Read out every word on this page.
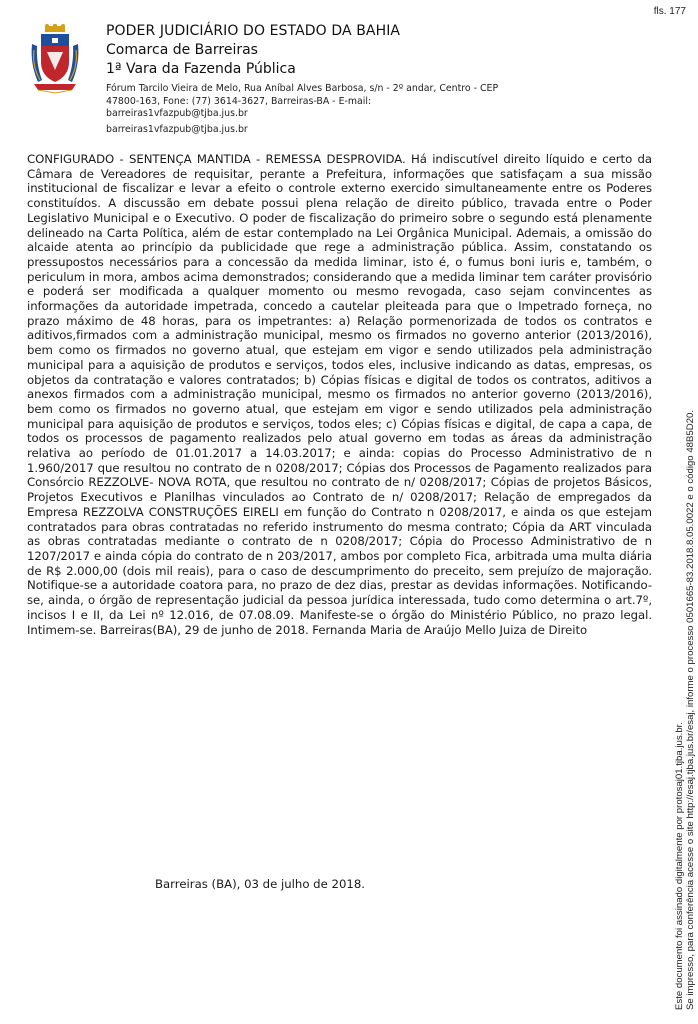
fls. 177
PODER JUDICIÁRIO DO ESTADO DA BAHIA
Comarca de Barreiras
1ª Vara da Fazenda Pública
Fórum Tarcilo Vieira de Melo, Rua Aníbal Alves Barbosa, s/n - 2º andar, Centro - CEP 47800-163, Fone: (77) 3614-3627, Barreiras-BA - E-mail: barreiras1vfazpub@tjba.jus.br
barreiras1vfazpub@tjba.jus.br
CONFIGURADO - SENTENÇA MANTIDA - REMESSA DESPROVIDA. Há indiscutível direito líquido e certo da Câmara de Vereadores de requisitar, perante a Prefeitura, informações que satisfaçam a sua missão institucional de fiscalizar e levar a efeito o controle externo exercido simultaneamente entre os Poderes constituídos. A discussão em debate possui plena relação de direito público, travada entre o Poder Legislativo Municipal e o Executivo. O poder de fiscalização do primeiro sobre o segundo está plenamente delineado na Carta Política, além de estar contemplado na Lei Orgânica Municipal. Ademais, a omissão do alcaide atenta ao princípio da publicidade que rege a administração pública. Assim, constatando os pressupostos necessários para a concessão da medida liminar, isto é, o fumus boni iuris e, também, o periculum in mora, ambos acima demonstrados; considerando que a medida liminar tem caráter provisório e poderá ser modificada a qualquer momento ou mesmo revogada, caso sejam convincentes as informações da autoridade impetrada, concedo a cautelar pleiteada para que o Impetrado forneça, no prazo máximo de 48 horas, para os impetrantes: a) Relação pormenorizada de todos os contratos e aditivos,firmados com a administração municipal, mesmo os firmados no governo anterior (2013/2016), bem como os firmados no governo atual, que estejam em vigor e sendo utilizados pela administração municipal para a aquisição de produtos e serviços, todos eles, inclusive indicando as datas, empresas, os objetos da contratação e valores contratados; b) Cópias físicas e digital de todos os contratos, aditivos a anexos firmados com a administração municipal, mesmo os firmados no anterior governo (2013/2016), bem como os firmados no governo atual, que estejam em vigor e sendo utilizados pela administração municipal para aquisição de produtos e serviços, todos eles; c) Cópias físicas e digital, de capa a capa, de todos os processos de pagamento realizados pelo atual governo em todas as áreas da administração relativa ao período de 01.01.2017 a 14.03.2017; e ainda: copias do Processo Administrativo de n 1.960/2017 que resultou no contrato de n 0208/2017; Cópias dos Processos de Pagamento realizados para Consórcio REZZOLVE- NOVA ROTA, que resultou no contrato de n/ 0208/2017; Cópias de projetos Básicos, Projetos Executivos e Planilhas vinculados ao Contrato de n/ 0208/2017; Relação de empregados da Empresa REZZOLVA CONSTRUÇÕES EIRELI em função do Contrato n 0208/2017, e ainda os que estejam contratados para obras contratadas no referido instrumento do mesma contrato; Cópia da ART vinculada as obras contratadas mediante o contrato de n 0208/2017; Cópia do Processo Administrativo de n 1207/2017 e ainda cópia do contrato de n 203/2017, ambos por completo Fica, arbitrada uma multa diária de R$ 2.000,00 (dois mil reais), para o caso de descumprimento do preceito, sem prejuízo de majoração. Notifique-se a autoridade coatora para, no prazo de dez dias, prestar as devidas informações. Notificando-se, ainda, o órgão de representação judicial da pessoa jurídica interessada, tudo como determina o art.7º, incisos I e II, da Lei nº 12.016, de 07.08.09. Manifeste-se o órgão do Ministério Público, no prazo legal. Intimem-se. Barreiras(BA), 29 de junho de 2018. Fernanda Maria de Araújo Mello Juiza de Direito
Barreiras (BA), 03 de julho de 2018.	Este documento foi assinado digitalmente por protosaj01.tjba.jus.br. Se impresso, para conferência acesse o site http://esaj.tjba.jus.br/esaj, informe o processo 0501665-83.2018.8.05.0022 e o código 48B5D20.
